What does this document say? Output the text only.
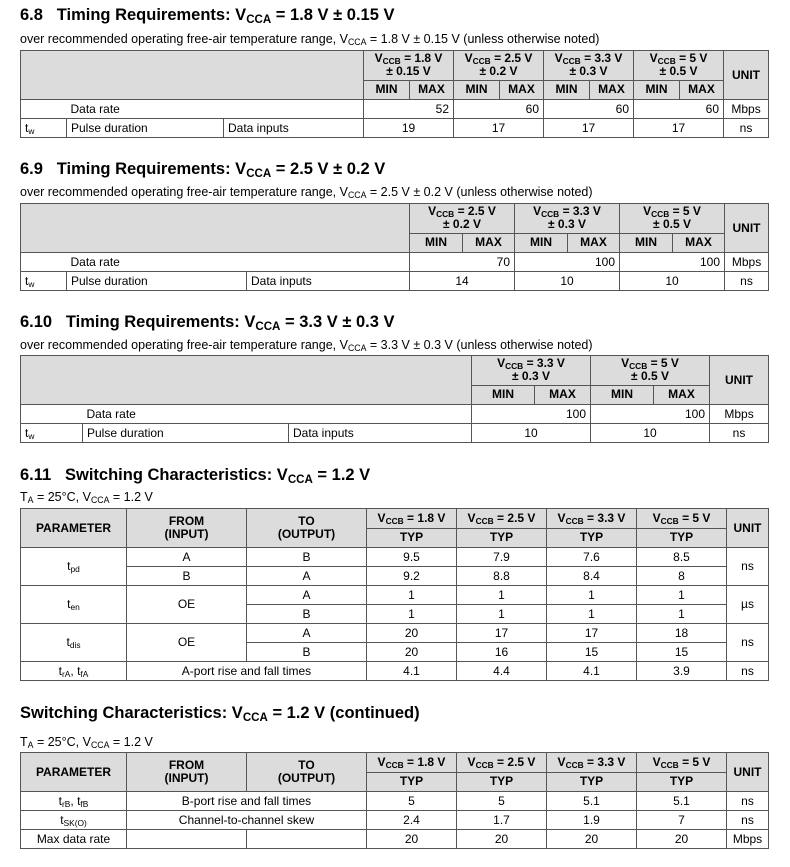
6.8 Timing Requirements: $V_{CCA} = 1.8$ V ± 0.15 V
over recommended operating free-air temperature range, $V_{CCA} = 1.8$ V ± 0.15 V (unless otherwise noted)
			$V_{CCB} = 1.8$ V
± 0.15 V		$V_{CCB} = 2.5$ V
± 0.2 V		$V_{CCB} = 3.3$ V
± 0.3 V		$V_{CCB} = 5$ V
± 0.5 V		UNIT
			MIN	MAX	MIN	MAX	MIN	MAX	MIN	MAX	
	Data rate			52		60		60		60	Mbps
$t_w$	Pulse duration	Data inputs	19		17		17		17		ns
6.9 Timing Requirements: $V_{CCA} = 2.5$ V ± 0.2 V
over recommended operating free-air temperature range, $V_{CCA} = 2.5$ V ± 0.2 V (unless otherwise noted)
			$V_{CCB} = 2.5$ V
± 0.2 V		$V_{CCB} = 3.3$ V
± 0.3 V		$V_{CCB} = 5$ V
± 0.5 V		UNIT
			MIN	MAX	MIN	MAX	MIN	MAX	
	Data rate			70		100		100	Mbps
$t_w$	Pulse duration	Data inputs	14		10		10		ns
6.10 Timing Requirements: $V_{CCA} = 3.3$ V ± 0.3 V
over recommended operating free-air temperature range, $V_{CCA} = 3.3$ V ± 0.3 V (unless otherwise noted)
			$V_{CCB} = 3.3$ V
± 0.3 V		$V_{CCB} = 5$ V
± 0.5 V		UNIT
			MIN	MAX	MIN	MAX	
	Data rate			100		100	Mbps
$t_w$	Pulse duration	Data inputs	10		10		ns
6.11 Switching Characteristics: $V_{CCA} = 1.2$ V
$T_A = 25^\circ C$, $V_{CCA} = 1.2$ V
PARAMETER	FROM
(INPUT)	TO
(OUTPUT)	$V_{CCB} = 1.8$ V	$V_{CCB} = 2.5$ V	$V_{CCB} = 3.3$ V	$V_{CCB} = 5$ V	UNIT
			TYP	TYP	TYP	TYP	
$t_{pd}$	A	B	9.5	7.9	7.6	8.5	ns
	B	A	9.2	8.8	8.4	8	
$t_{en}$	OE	A	1	1	1	1	µs
		B	1	1	1	1	
$t_{dis}$	OE	A	20	17	17	18	ns
		B	20	16	15	15	
$t_{rA}$, $t_{fA}$	A-port rise and fall times		4.1	4.4	4.1	3.9	ns
Switching Characteristics: $V_{CCA} = 1.2$ V (continued)
$T_A = 25^\circ C$, $V_{CCA} = 1.2$ V
PARAMETER	FROM
(INPUT)	TO
(OUTPUT)	$V_{CCB} = 1.8$ V	$V_{CCB} = 2.5$ V	$V_{CCB} = 3.3$ V	$V_{CCB} = 5$ V	UNIT
			TYP	TYP	TYP	TYP	
$t_{rB}$, $t_{fB}$	B-port rise and fall times		5	5	5.1	5.1	ns
$t_{SK(O)}$	Channel-to-channel skew		2.4	1.7	1.9	7	ns
Max data rate			20	20	20	20	Mbps
